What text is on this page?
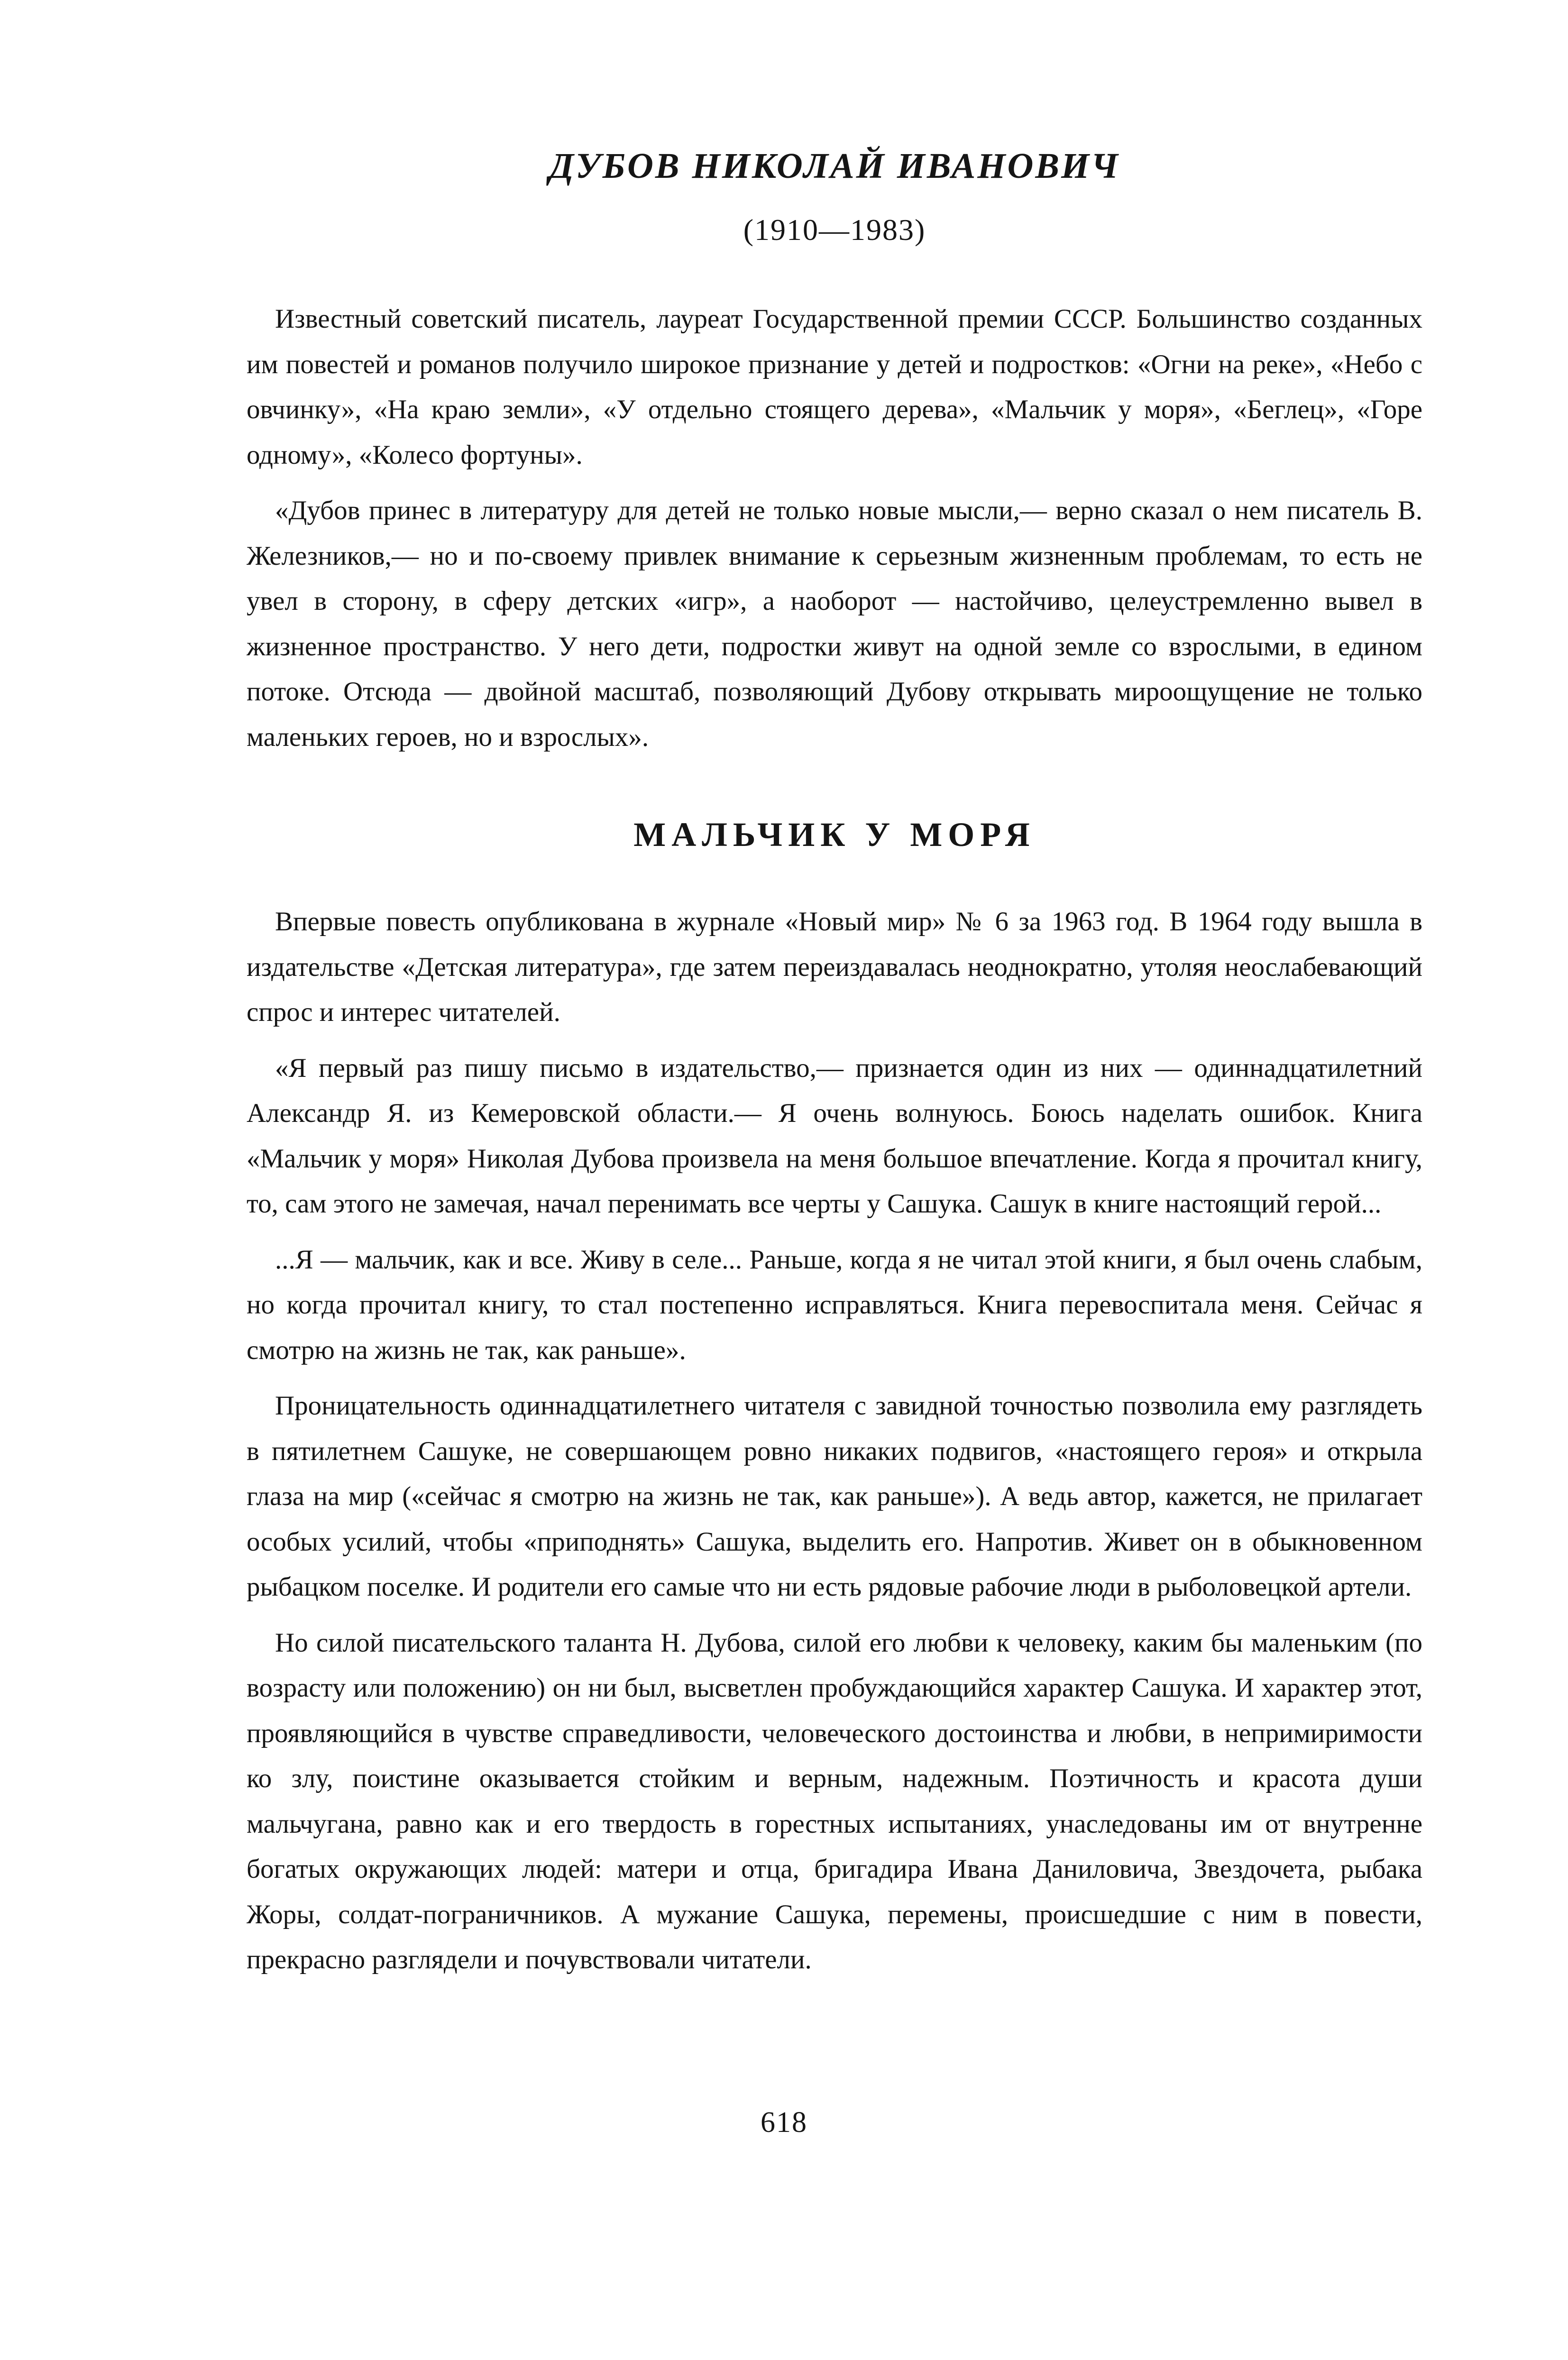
ДУБОВ НИКОЛАЙ ИВАНОВИЧ
(1910—1983)

Известный советский писатель, лауреат Государственной премии СССР. Большинство созданных им повестей и романов получило широкое признание у детей и подростков: «Огни на реке», «Небо с овчинку», «На краю земли», «У отдельно стоящего дерева», «Мальчик у моря», «Беглец», «Горе одному», «Колесо фортуны».

«Дубов принес в литературу для детей не только новые мысли,— верно сказал о нем писатель В. Железников,— но и по-своему привлек внимание к серьезным жизненным проблемам, то есть не увел в сторону, в сферу детских «игр», а наоборот — настойчиво, целеустремленно вывел в жизненное пространство. У него дети, подростки живут на одной земле со взрослыми, в едином потоке. Отсюда — двойной масштаб, позволяющий Дубову открывать мироощущение не только маленьких героев, но и взрослых».

МАЛЬЧИК У МОРЯ

Впервые повесть опубликована в журнале «Новый мир» № 6 за 1963 год. В 1964 году вышла в издательстве «Детская литература», где затем переиздавалась неоднократно, утоляя неослабевающий спрос и интерес читателей.

«Я первый раз пишу письмо в издательство,— признается один из них — одиннадцатилетний Александр Я. из Кемеровской области.— Я очень волнуюсь. Боюсь наделать ошибок. Книга «Мальчик у моря» Николая Дубова произвела на меня большое впечатление. Когда я прочитал книгу, то, сам этого не замечая, начал перенимать все черты у Сашука. Сашук в книге настоящий герой...

...Я — мальчик, как и все. Живу в селе... Раньше, когда я не читал этой книги, я был очень слабым, но когда прочитал книгу, то стал постепенно исправляться. Книга перевоспитала меня. Сейчас я смотрю на жизнь не так, как раньше».

Проницательность одиннадцатилетнего читателя с завидной точностью позволила ему разглядеть в пятилетнем Сашуке, не совершающем ровно никаких подвигов, «настоящего героя» и открыла глаза на мир («сейчас я смотрю на жизнь не так, как раньше»). А ведь автор, кажется, не прилагает особых усилий, чтобы «приподнять» Сашука, выделить его. Напротив. Живет он в обыкновенном рыбацком поселке. И родители его самые что ни есть рядовые рабочие люди в рыболовецкой артели.

Но силой писательского таланта Н. Дубова, силой его любви к человеку, каким бы маленьким (по возрасту или положению) он ни был, высветлен пробуждающийся характер Сашука. И характер этот, проявляющийся в чувстве справедливости, человеческого достоинства и любви, в непримиримости ко злу, поистине оказывается стойким и верным, надежным. Поэтичность и красота души мальчугана, равно как и его твердость в горестных испытаниях, унаследованы им от внутренне богатых окружающих людей: матери и отца, бригадира Ивана Даниловича, Звездочета, рыбака Жоры, солдат-пограничников. А мужание Сашука, перемены, происшедшие с ним в повести, прекрасно разглядели и почувствовали читатели.

618
